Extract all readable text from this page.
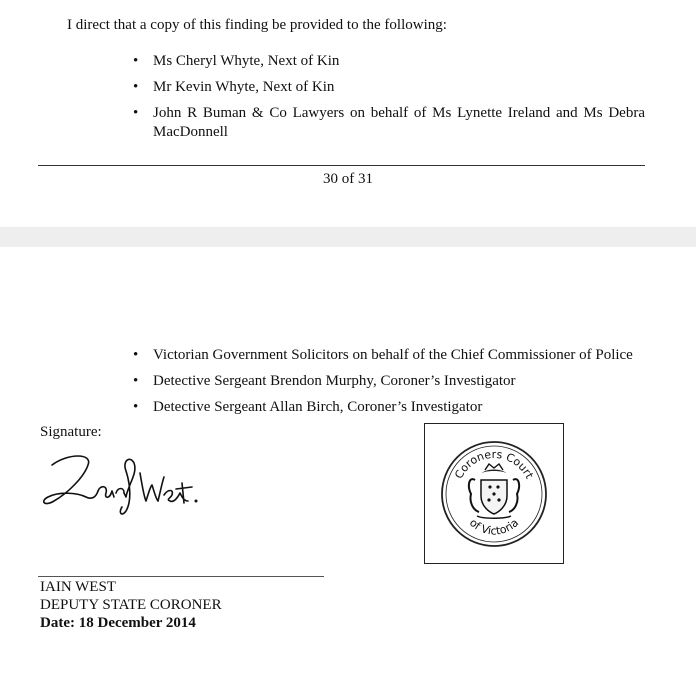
I direct that a copy of this finding be provided to the following:
• Ms Cheryl Whyte, Next of Kin
• Mr Kevin Whyte, Next of Kin
• John R Buman & Co Lawyers on behalf of Ms Lynette Ireland and Ms Debra MacDonnell
30 of 31
• Victorian Government Solicitors on behalf of the Chief Commissioner of Police
• Detective Sergeant Brendon Murphy, Coroner’s Investigator
• Detective Sergeant Allan Birch, Coroner’s Investigator
Signature:
IAIN WEST
DEPUTY STATE CORONER
Date: 18 December 2014
Coroners Court
of Victoria
